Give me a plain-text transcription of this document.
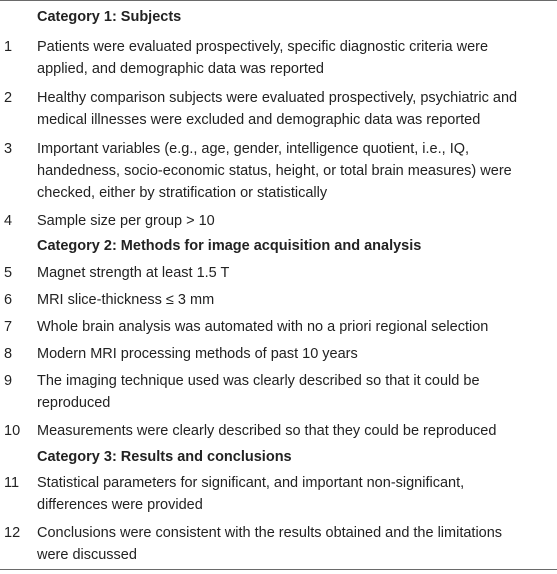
Category 1: Subjects
1 Patients were evaluated prospectively, specific diagnostic criteria were
applied, and demographic data was reported
2 Healthy comparison subjects were evaluated prospectively, psychiatric and
medical illnesses were excluded and demographic data was reported
3 Important variables (e.g., age, gender, intelligence quotient, i.e., IQ,
handedness, socio-economic status, height, or total brain measures) were
checked, either by stratification or statistically
4 Sample size per group > 10
Category 2: Methods for image acquisition and analysis
5 Magnet strength at least 1.5 T
6 MRI slice-thickness ≤ 3 mm
7 Whole brain analysis was automated with no a priori regional selection
8 Modern MRI processing methods of past 10 years
9 The imaging technique used was clearly described so that it could be
reproduced
10 Measurements were clearly described so that they could be reproduced
Category 3: Results and conclusions
11 Statistical parameters for significant, and important non-significant,
differences were provided
12 Conclusions were consistent with the results obtained and the limitations
were discussed
